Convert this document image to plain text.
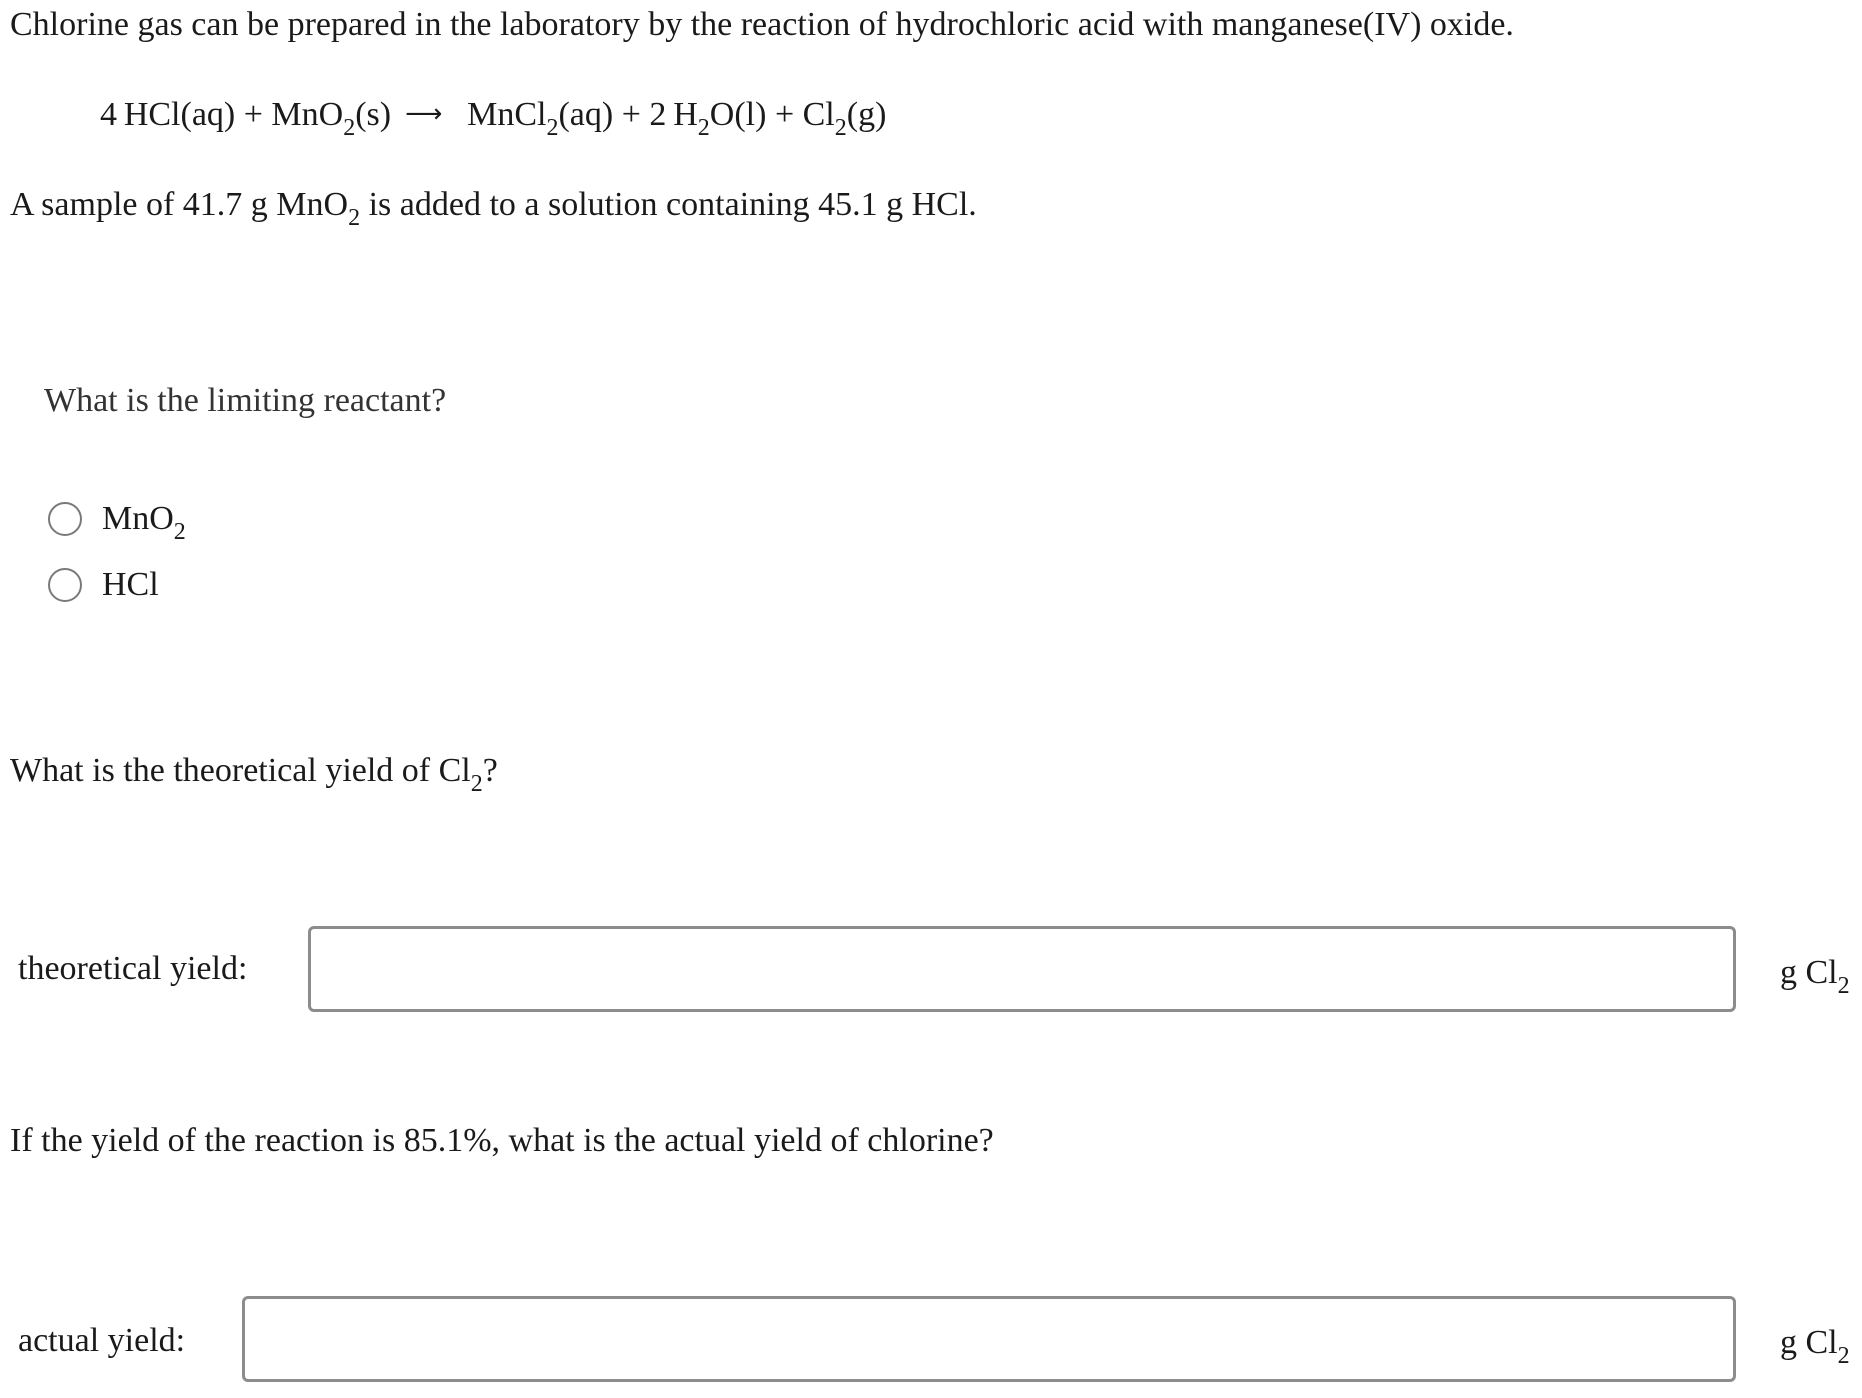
Chlorine gas can be prepared in the laboratory by the reaction of hydrochloric acid with manganese(IV) oxide.
4  HCl(aq) + MnO$_2$(s) ⟶ MnCl$_2$(aq) + 2  $H_2O(l) + Cl_2(g)$
A sample of 41.7 g MnO$_2$ is added to a solution containing 45.1 g HCl.
What is the limiting reactant?
MnO$_2$
HCl
What is the theoretical yield of $Cl_2$?
theoretical yield:	g $Cl_2$
If the yield of the reaction is 85.1%, what is the actual yield of chlorine?
actual yield:	g $Cl_2$
